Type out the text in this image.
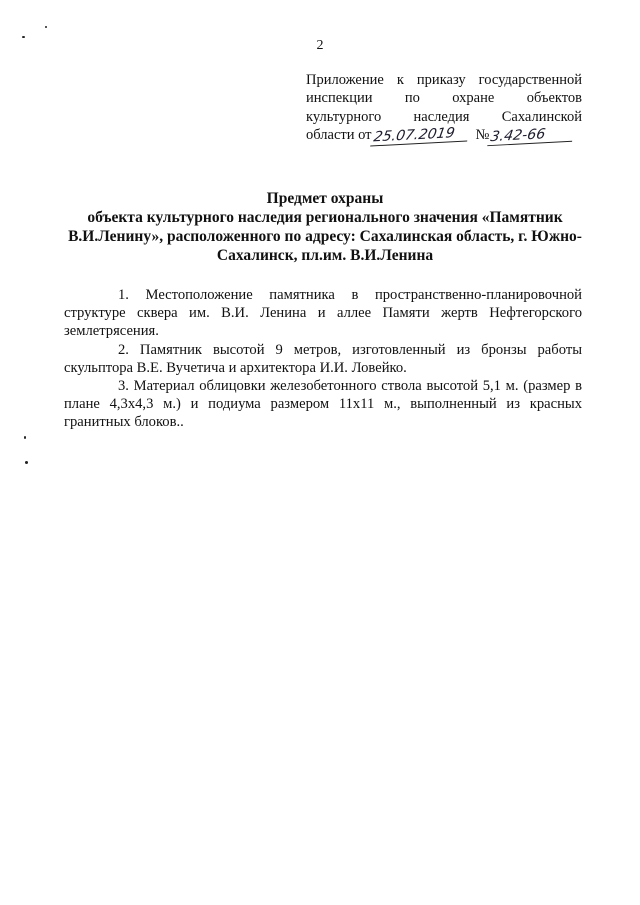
2
Приложение к приказу государственной
инспекции по охране объектов
культурного наследия Сахалинской
области от 25.07.2019	№ 3.42-66
Предмет охраны
объекта культурного наследия регионального значения «Памятник
В.И.Ленину», расположенного по адресу: Сахалинская область, г. Южно-
Сахалинск, пл.им. В.И.Ленина

1. Местоположение памятника в пространственно-планировочной структуре сквера им. В.И. Ленина и аллее Памяти жертв Нефтегорского землетрясения.

2. Памятник высотой 9 метров, изготовленный из бронзы работы скульптора В.Е. Вучетича и архитектора И.И. Ловейко.

3. Материал облицовки железобетонного ствола высотой 5,1 м. (размер в плане 4,3х4,3 м.) и подиума размером 11х11 м., выполненный из красных гранитных блоков..
